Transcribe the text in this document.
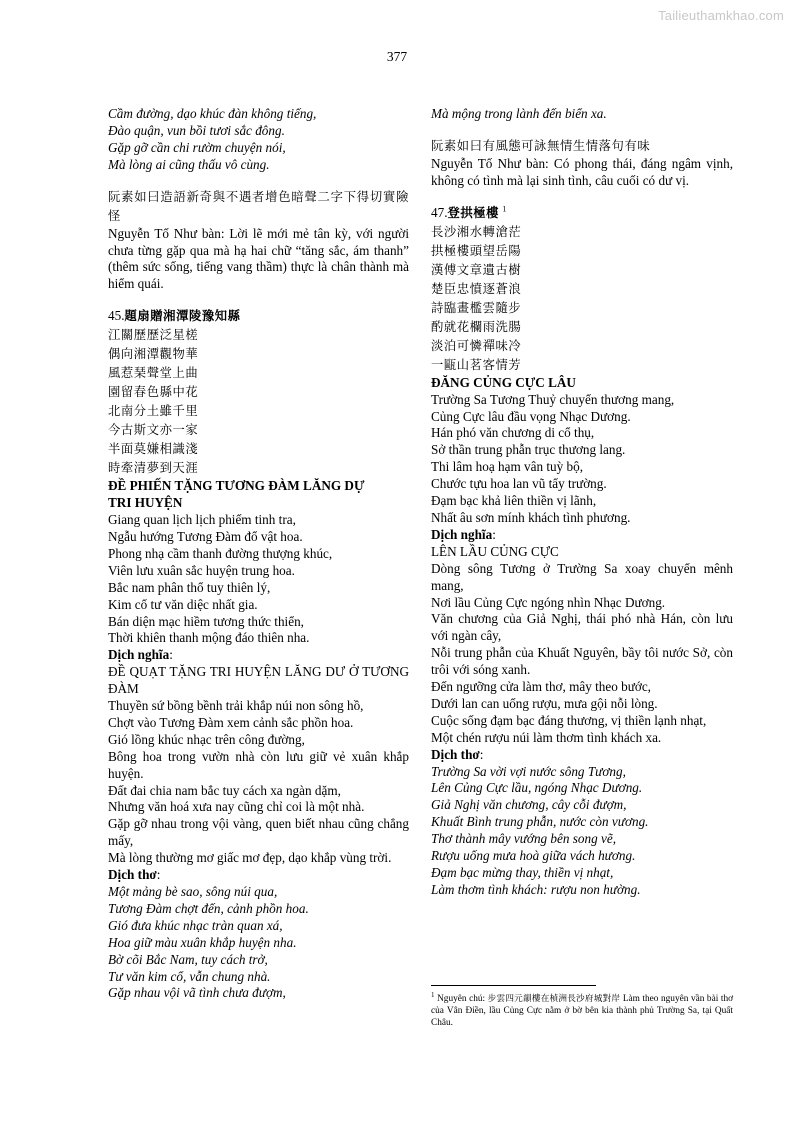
Tailieuthamkhao.com
377
Cầm đường, dạo khúc đàn không tiếng,
Đào quận, vun bồi tươi sắc đông.
Gặp gỡ cần chi rườm chuyện nói,
Mà lòng ai cũng thấu vô cùng.
阮素如曰造語新奇與不遇者增色暗聲二字下得切實險怪
Nguyễn Tố Như bàn: Lời lẽ mới mẻ tân kỳ, với người chưa từng gặp qua mà hạ hai chữ “tăng sắc, ám thanh” (thêm sức sống, tiếng vang thầm) thực là chân thành mà hiểm quái.
45.題扇贈湘潭陵豫知縣
江關歷歷泛星槎
偶向湘潭觀物華
風惹琹聲堂上曲
園留春色縣中花
北南分土雖千里
今古斯文亦一家
半面莫嫌相識淺
時牽清夢到天涯
ĐỀ PHIẾN TẶNG TƯƠNG ĐÀM LĂNG DỰ
TRI HUYỆN
Giang quan lịch lịch phiếm tinh tra,
Ngẫu hướng Tương Đàm đổ vật hoa.
Phong nhạ cầm thanh đường thượng khúc,
Viên lưu xuân sắc huyện trung hoa.
Bắc nam phân thổ tuy thiên lý,
Kim cổ tư văn diệc nhất gia.
Bán diện mạc hiềm tương thức thiển,
Thời khiên thanh mộng đáo thiên nha.
Dịch nghĩa:
ĐỀ QUẠT TẶNG TRI HUYỆN LĂNG DƯ Ở TƯƠNG ĐÀM
Thuyền sứ bồng bềnh trải khắp núi non sông hồ,
Chợt vào Tương Đàm xem cảnh sắc phồn hoa.
Gió lồng khúc nhạc trên công đường,
Bông hoa trong vườn nhà còn lưu giữ vẻ xuân khắp huyện.
Đất đai chia nam bắc tuy cách xa ngàn dặm,
Nhưng văn hoá xưa nay cũng chỉ coi là một nhà.
Gặp gỡ nhau trong vội vàng, quen biết nhau cũng chẳng mấy,
Mà lòng thường mơ giấc mơ đẹp, dạo khắp vùng trời.
Dịch thơ:
Một mảng bè sao, sông núi qua,
Tương Đàm chợt đến, cảnh phồn hoa.
Gió đưa khúc nhạc tràn quan xá,
Hoa giữ màu xuân khắp huyện nha.
Bờ cõi Bắc Nam, tuy cách trở,
Tư văn kim cổ, vẫn chung nhà.
Gặp nhau vội vã tình chưa đượm,
Mà mộng trong lành đến biển xa.
阮素如曰有風態可詠無情生情落句有味
Nguyễn Tố Như bàn: Có phong thái, đáng ngâm vịnh, không có tình mà lại sinh tình, câu cuối có dư vị.
47.登拱極樓 $^1$
長沙湘水轉滄茫
拱極樓頭望岳陽
漢傅文章遺古樹
楚臣忠憤逐蒼浪
詩臨畫檻雲隨步
酌就花欄雨洗腸
淡泊可憐禪味冷
一甌山茗客情芳
ĐĂNG CỦNG CỰC LÂU
Trường Sa Tương Thuỷ chuyển thương mang,
Củng Cực lâu đầu vọng Nhạc Dương.
Hán phó văn chương di cổ thụ,
Sở thần trung phẫn trục thương lang.
Thi lâm hoạ hạm vân tuỳ bộ,
Chước tựu hoa lan vũ tẩy trường.
Đạm bạc khả liên thiền vị lãnh,
Nhất âu sơn mính khách tình phương.
Dịch nghĩa:
LÊN LẦU CỦNG CỰC
Dòng sông Tương ở Trường Sa xoay chuyển mênh mang,
Nơi lầu Củng Cực ngóng nhìn Nhạc Dương.
Văn chương của Giả Nghị, thái phó nhà Hán, còn lưu với ngàn cây,
Nỗi trung phẫn của Khuất Nguyên, bầy tôi nước Sở, còn trôi với sóng xanh.
Đến ngưỡng cửa làm thơ, mây theo bước,
Dưới lan can uống rượu, mưa gội nỗi lòng.
Cuộc sống đạm bạc đáng thương, vị thiền lạnh nhạt,
Một chén rượu núi làm thơm tình khách xa.
Dịch thơ:
Trường Sa vời vợi nước sông Tương,
Lên Củng Cực lầu, ngóng Nhạc Dương.
Giả Nghị văn chương, cây cỗi đượm,
Khuất Bình trung phẫn, nước còn vương.
Thơ thành mây vướng bên song vẽ,
Rượu uống mưa hoà giữa vách hương.
Đạm bạc mừng thay, thiền vị nhạt,
Làm thơm tình khách: rượu non hường.
$^1$ Nguyên chú: 步雲四元韻樓在楨洲長沙府城對岸 Làm theo nguyên vần bài thơ của Vân Điền, lầu Củng Cực nằm ở bờ bên kia thành phủ Trường Sa, tại Quất Châu.
